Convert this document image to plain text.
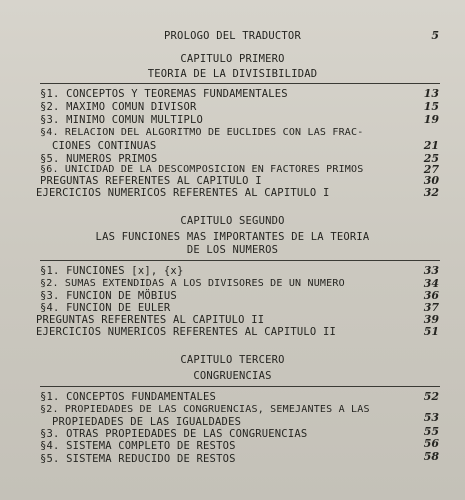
PROLOGO DEL TRADUCTOR	5
CAPITULO PRIMERO
TEORIA DE LA DIVISIBILIDAD
§1. CONCEPTOS Y TEOREMAS FUNDAMENTALES	13
§2. MAXIMO COMUN DIVISOR	15
§3. MINIMO COMUN MULTIPLO	19
§4. RELACION DEL ALGORITMO DE EUCLIDES CON LAS FRAC-
CIONES CONTINUAS	21
§5. NUMEROS PRIMOS	25
§6. UNICIDAD DE LA DESCOMPOSICION EN FACTORES PRIMOS	27
PREGUNTAS REFERENTES AL CAPITULO I	30
EJERCICIOS NUMERICOS REFERENTES AL CAPITULO I	32
CAPITULO SEGUNDO
LAS FUNCIONES MAS IMPORTANTES DE LA TEORIA
DE LOS NUMEROS
§1. FUNCIONES [x], {x}	33
§2. SUMAS EXTENDIDAS A LOS DIVISORES DE UN NUMERO	34
§3. FUNCION DE MÖBIUS	36
§4. FUNCION DE EULER	37
PREGUNTAS REFERENTES AL CAPITULO II	39
EJERCICIOS NUMERICOS REFERENTES AL CAPITULO II	51
CAPITULO TERCERO
CONGRUENCIAS
§1. CONCEPTOS FUNDAMENTALES	52
§2. PROPIEDADES DE LAS CONGRUENCIAS, SEMEJANTES A LAS
PROPIEDADES DE LAS IGUALDADES	53
§3. OTRAS PROPIEDADES DE LAS CONGRUENCIAS	55
§4. SISTEMA COMPLETO DE RESTOS	56
§5. SISTEMA REDUCIDO DE RESTOS	58
